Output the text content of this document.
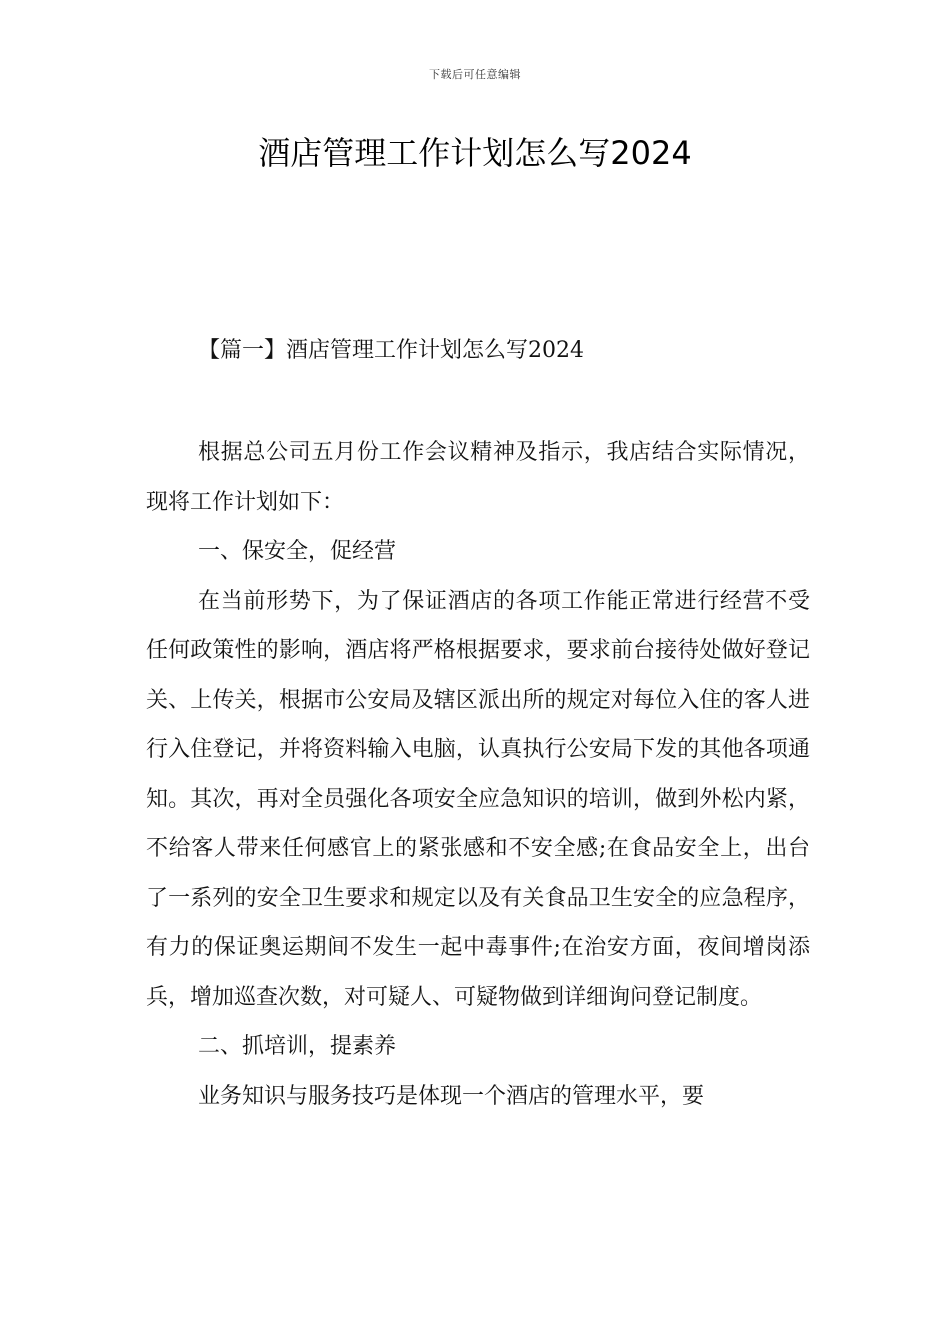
下载后可任意编辑
酒店管理工作计划怎么写2024
【篇一】酒店管理工作计划怎么写2024

根据总公司五月份工作会议精神及指示，我店结合实际情况，现将工作计划如下：

一、保安全，促经营

在当前形势下，为了保证酒店的各项工作能正常进行经营不受任何政策性的影响，酒店将严格根据要求，要求前台接待处做好登记关、上传关，根据市公安局及辖区派出所的规定对每位入住的客人进行入住登记，并将资料输入电脑，认真执行公安局下发的其他各项通知。其次，再对全员强化各项安全应急知识的培训，做到外松内紧，不给客人带来任何感官上的紧张感和不安全感;在食品安全上，出台了一系列的安全卫生要求和规定以及有关食品卫生安全的应急程序，有力的保证奥运期间不发生一起中毒事件;在治安方面，夜间增岗添兵，增加巡查次数，对可疑人、可疑物做到详细询问登记制度。

二、抓培训，提素养

业务知识与服务技巧是体现一个酒店的管理水平，要
